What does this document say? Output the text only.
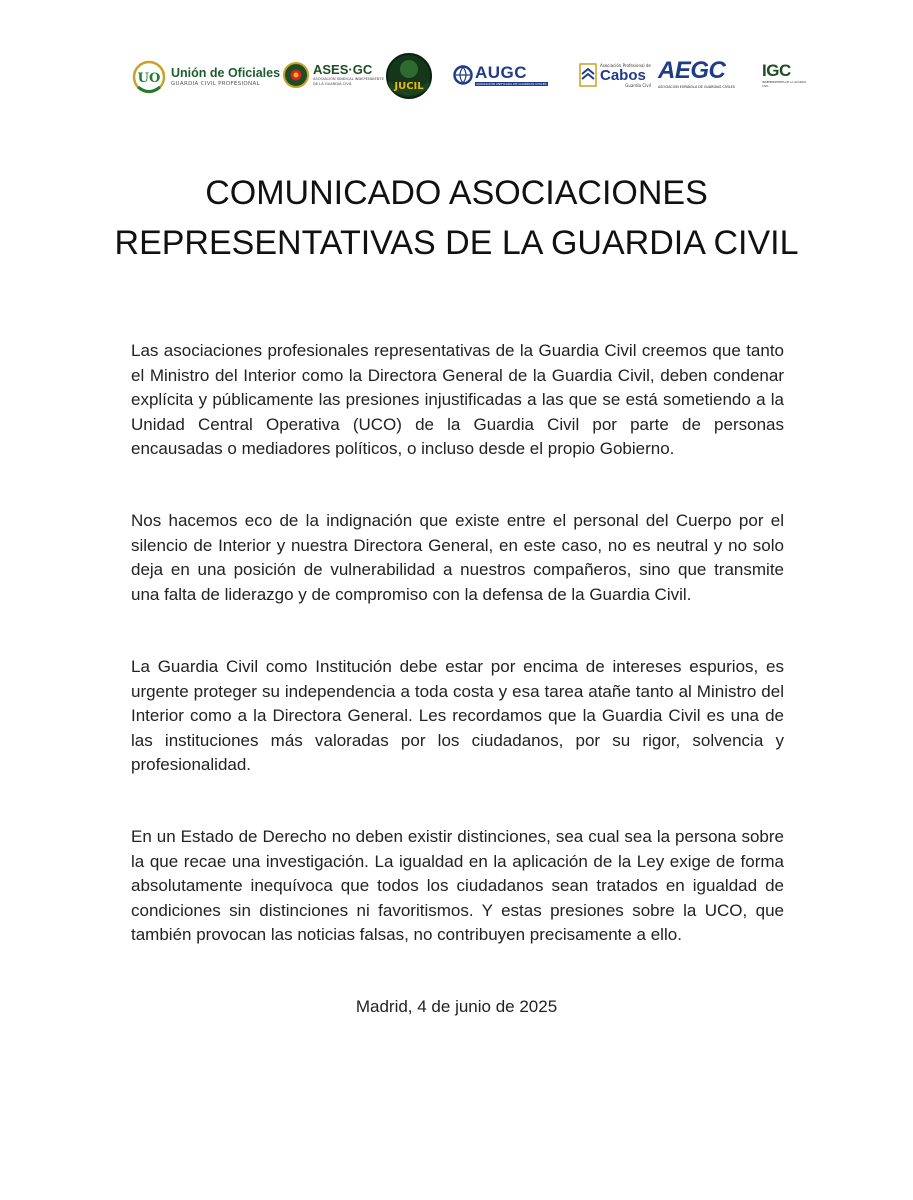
UO Unión de Oficiales
GUARDIA CIVIL PROFESIONAL
ASES·GC
ASOCIACIÓN SINDICAL INDEPENDIENTE
DE LA GUARDIA CIVIL	JUCIL
AUGC
ASOCIACIÓN UNIFICADA DE GUARDIAS CIVILES
Asociación Profesional de
Cabos
Guardia Civil
AEGC
ASOCIACIÓN ESPAÑOLA DE GUARDIAS CIVILES
IGC
INDEPENDIENTES DE LA GUARDIA CIVIL
COMUNICADO ASOCIACIONES
REPRESENTATIVAS DE LA GUARDIA CIVIL
Las asociaciones profesionales representativas de la Guardia Civil creemos que tanto el Ministro del Interior como la Directora General de la Guardia Civil, deben condenar explícita y públicamente las presiones injustificadas a las que se está sometiendo a la Unidad Central Operativa (UCO) de la Guardia Civil por parte de personas encausadas o mediadores políticos, o incluso desde el propio Gobierno.
Nos hacemos eco de la indignación que existe entre el personal del Cuerpo por el silencio de Interior y nuestra Directora General, en este caso, no es neutral y no solo deja en una posición de vulnerabilidad a nuestros compañeros, sino que transmite una falta de liderazgo y de compromiso con la defensa de la Guardia Civil.
La Guardia Civil como Institución debe estar por encima de intereses espurios, es urgente proteger su independencia a toda costa y esa tarea atañe tanto al Ministro del Interior como a la Directora General. Les recordamos que la Guardia Civil es una de las instituciones más valoradas por los ciudadanos, por su rigor, solvencia y profesionalidad.
En un Estado de Derecho no deben existir distinciones, sea cual sea la persona sobre la que recae una investigación. La igualdad en la aplicación de la Ley exige de forma absolutamente inequívoca que todos los ciudadanos sean tratados en igualdad de condiciones sin distinciones ni favoritismos. Y estas presiones sobre la UCO, que también provocan las noticias falsas, no contribuyen precisamente a ello.
Madrid, 4 de junio de 2025
